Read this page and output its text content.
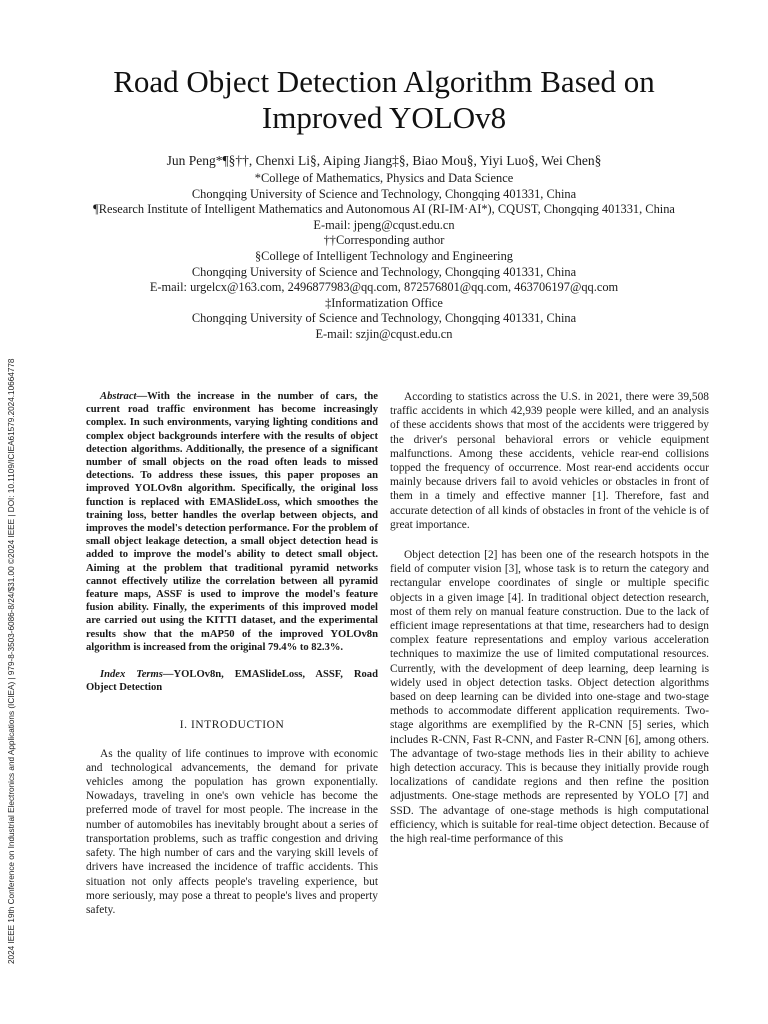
2024 IEEE 19th Conference on Industrial Electronics and Applications (ICIEA) | 979-8-3503-6086-8/24/$31.00 ©2024 IEEE | DOI: 10.1109/ICIEA61579.2024.10664778
Road Object Detection Algorithm Based on Improved YOLOv8
Jun Peng*¶§††, Chenxi Li§, Aiping Jiang‡§, Biao Mou§, Yiyi Luo§, Wei Chen§
*College of Mathematics, Physics and Data Science
Chongqing University of Science and Technology, Chongqing 401331, China
¶Research Institute of Intelligent Mathematics and Autonomous AI (RI-IM·AI*), CQUST, Chongqing 401331, China
E-mail: jpeng@cqust.edu.cn
††Corresponding author
§College of Intelligent Technology and Engineering
Chongqing University of Science and Technology, Chongqing 401331, China
E-mail: urgelcx@163.com, 2496877983@qq.com, 872576801@qq.com, 463706197@qq.com
‡Informatization Office
Chongqing University of Science and Technology, Chongqing 401331, China
E-mail: szjin@cqust.edu.cn

Abstract—With the increase in the number of cars, the current road traffic environment has become increasingly complex. In such environments, varying lighting conditions and complex object backgrounds interfere with the results of object detection algorithms. Additionally, the presence of a significant number of small objects on the road often leads to missed detections. To address these issues, this paper proposes an improved YOLOv8n algorithm. Specifically, the original loss function is replaced with EMASlideLoss, which smoothes the training loss, better handles the overlap between objects, and improves the model's detection performance. For the problem of small object leakage detection, a small object detection head is added to improve the model's ability to detect small object. Aiming at the problem that traditional pyramid networks cannot effectively utilize the correlation between all pyramid feature maps, ASSF is used to improve the model's feature fusion ability. Finally, the experiments of this improved model are carried out using the KITTI dataset, and the experimental results show that the mAP50 of the improved YOLOv8n algorithm is increased from the original 79.4% to 82.3%.

Index Terms—YOLOv8n, EMASlideLoss, ASSF, Road Object Detection

I. INTRODUCTION

As the quality of life continues to improve with economic and technological advancements, the demand for private vehicles among the population has grown exponentially. Nowadays, traveling in one's own vehicle has become the preferred mode of travel for most people. The increase in the number of automobiles has inevitably brought about a series of transportation problems, such as traffic congestion and driving safety. The high number of cars and the varying skill levels of drivers have increased the incidence of traffic accidents. This situation not only affects people's traveling experience, but more seriously, may pose a threat to people's lives and property safety.

According to statistics across the U.S. in 2021, there were 39,508 traffic accidents in which 42,939 people were killed, and an analysis of these accidents shows that most of the accidents were triggered by the driver's personal behavioral errors or vehicle equipment malfunctions. Among these accidents, vehicle rear-end collisions topped the frequency of occurrence. Most rear-end accidents occur mainly because drivers fail to avoid vehicles or obstacles in front of them in a timely and effective manner [1]. Therefore, fast and accurate detection of all kinds of obstacles in front of the vehicle is of great importance.

Object detection [2] has been one of the research hotspots in the field of computer vision [3], whose task is to return the category and rectangular envelope coordinates of single or multiple specific objects in a given image [4]. In traditional object detection research, most of them rely on manual feature construction. Due to the lack of efficient image representations at that time, researchers had to design complex feature representations and employ various acceleration techniques to maximize the use of limited computational resources. Currently, with the development of deep learning, deep learning is widely used in object detection tasks. Object detection algorithms based on deep learning can be divided into one-stage and two-stage methods to accommodate different application requirements. Two-stage algorithms are exemplified by the R-CNN [5] series, which includes R-CNN, Fast R-CNN, and Faster R-CNN [6], among others. The advantage of two-stage methods lies in their ability to achieve high detection accuracy. This is because they initially provide rough localizations of candidate regions and then refine the position adjustments. One-stage methods are represented by YOLO [7] and SSD. The advantage of one-stage methods is high computational efficiency, which is suitable for real-time object detection. Because of the high real-time performance of this
